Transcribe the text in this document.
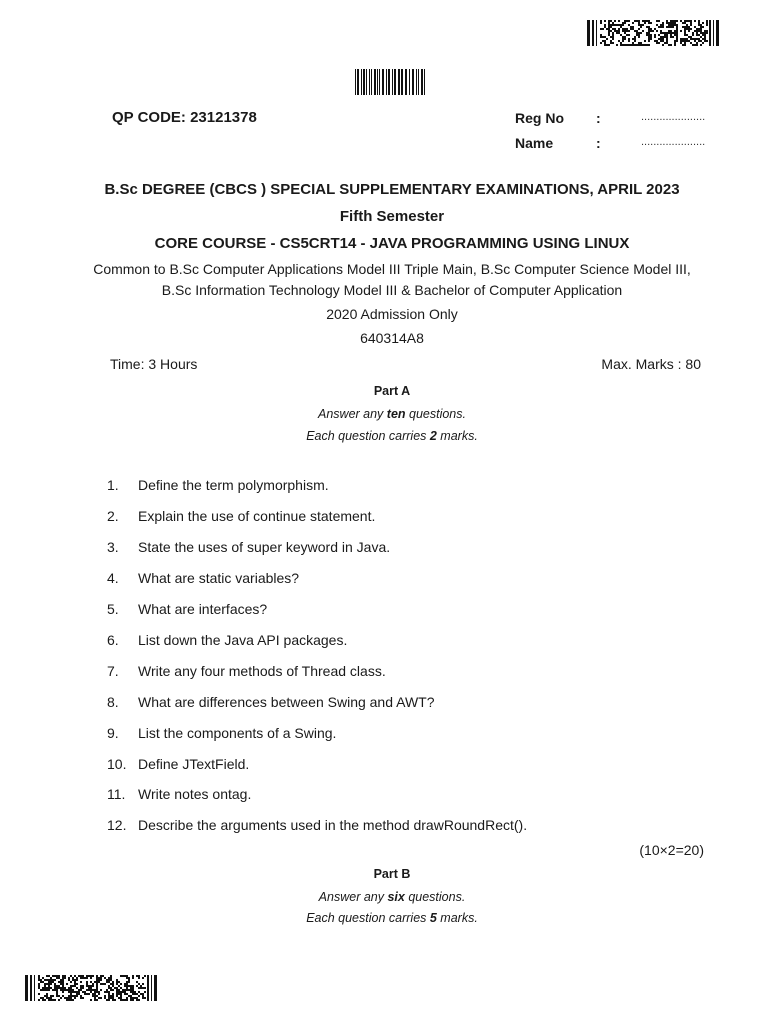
QP CODE: 23121378	Reg No :	.....................
Name	:	.....................
B.Sc DEGREE (CBCS ) SPECIAL SUPPLEMENTARY EXAMINATIONS, APRIL 2023
Fifth Semester
CORE COURSE - CS5CRT14 - JAVA PROGRAMMING USING LINUX
Common to B.Sc Computer Applications Model III Triple Main, B.Sc Computer Science Model III,
B.Sc Information Technology Model III & Bachelor of Computer Application
2020 Admission Only
640314A8
Time: 3 Hours	Max. Marks : 80
Part A
Answer any ten questions.
Each question carries 2 marks.
1. Define the term polymorphism.
2. Explain the use of continue statement.
3. State the uses of super keyword in Java.
4. What are static variables?
5. What are interfaces?
6. List down the Java API packages.
7. Write any four methods of Thread class.
8. What are differences between Swing and AWT?
9. List the components of a Swing.
10. Define JTextField.
11. Write notes ontag.
12. Describe the arguments used in the method drawRoundRect().
(10×2=20)
Part B
Answer any six questions.
Each question carries 5 marks.
